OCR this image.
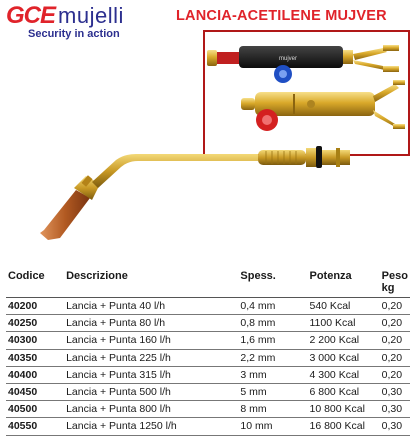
GCE mujelli
Security in action
LANCIA-ACETILENE MUJVER
mujver
Codice	Descrizione	Spess.	Potenza	Peso kg
40200	Lancia + Punta 40 l/h	0,4 mm	540 Kcal	0,20
40250	Lancia + Punta 80 l/h	0,8 mm	1100 Kcal	0,20
40300	Lancia + Punta 160 l/h	1,6 mm	2 200 Kcal	0,20
40350	Lancia + Punta 225 l/h	2,2 mm	3 000 Kcal	0,20
40400	Lancia + Punta 315 l/h	3 mm	4 300 Kcal	0,20
40450	Lancia + Punta 500 l/h	5 mm	6 800 Kcal	0,30
40500	Lancia + Punta 800 l/h	8 mm	10 800 Kcal	0,30
40550	Lancia + Punta 1250 l/h	10 mm	16 800 Kcal	0,30
